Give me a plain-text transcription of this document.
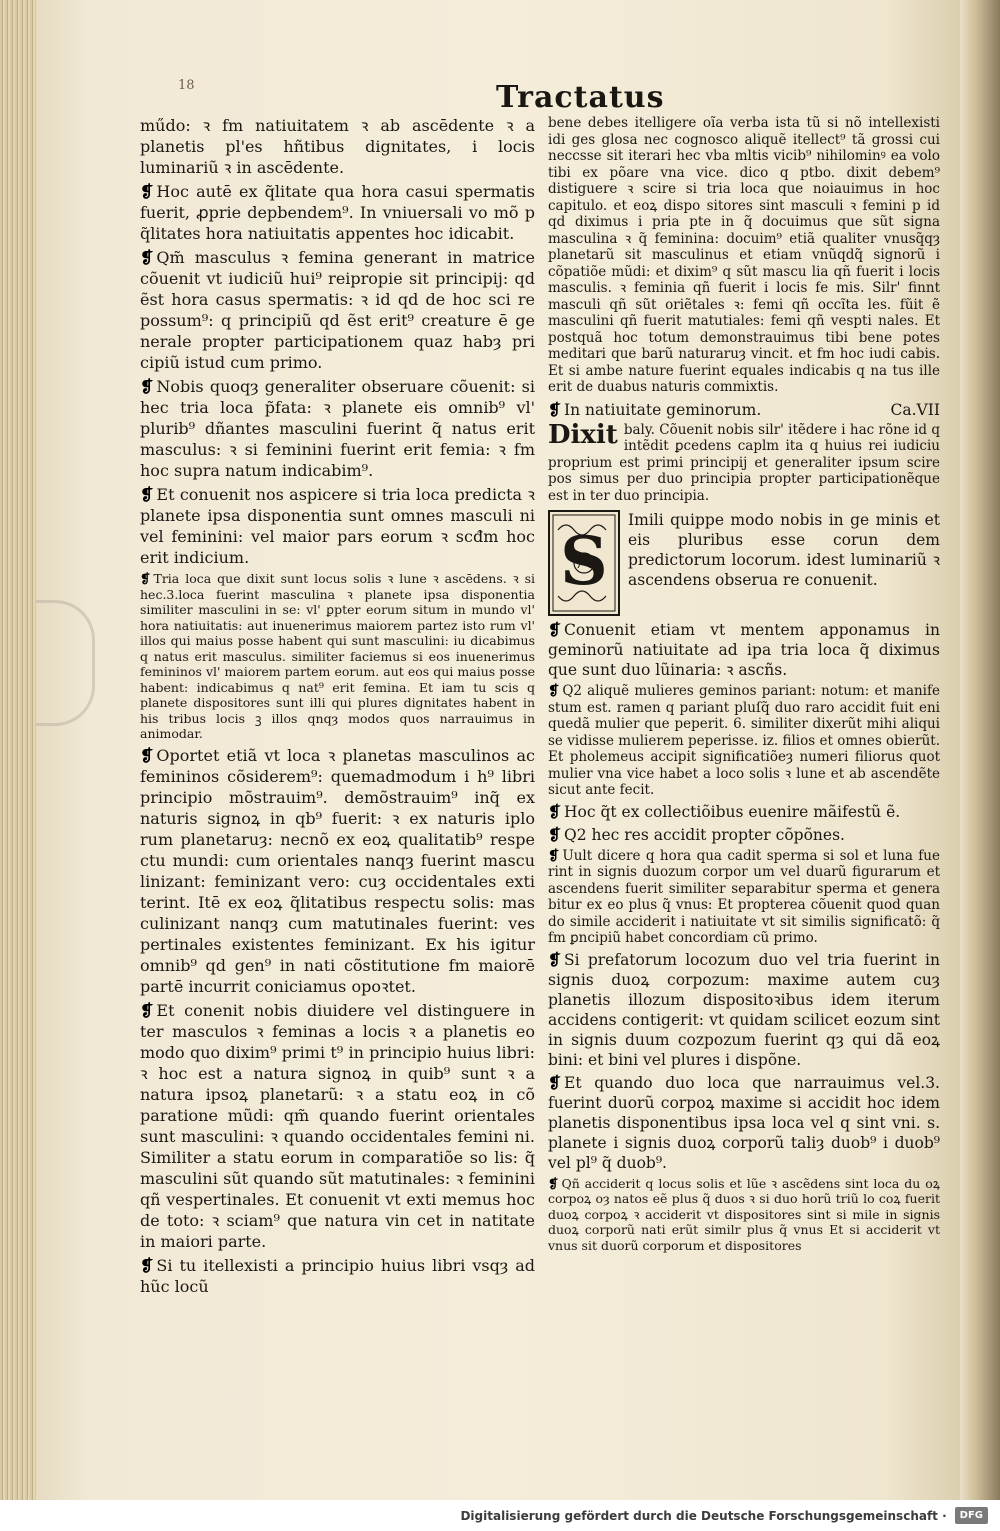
18	Tractatus

műdo: ꝛ fm natiuitatem ꝛ ab ascēdente ꝛ a planetis pl'es hñtibus dignitates, i locis luminariũ ꝛ in ascēdente.

❡ Hoc autē ex q̃litate qua hora casui spermatis fuerit, ꝓprie depbendem⁹. In vniuersali vo mõ p q̃litates hora natiuitatis appentes hoc idicabit.

❡ Qm̃ masculus ꝛ femina generant in matrice cõuenit vt iudiciũ hui⁹ reipropie sit principij: qd ẽst hora casus spermatis: ꝛ id qd de hoc sci re possum⁹: q principiũ qd ẽst erit⁹ creature ē ge nerale propter participationem quaz habȝ pri cipiũ istud cum primo.

❡ Nobis quoqȝ generaliter obseruare cõuenit: si hec tria loca p̃fata: ꝛ planete eis omnib⁹ vl' plurib⁹ dñantes masculini fuerint q̃ natus erit masculus: ꝛ si feminini fuerint erit femia: ꝛ fm hoc supra natum indicabim⁹.

❡ Et conuenit nos aspicere si tria loca predicta ꝛ planete ipsa disponentia sunt omnes masculi ni vel feminini: vel maior pars eorum ꝛ scđm hoc erit indicium.

❡ Tria loca que dixit sunt locus solis ꝛ lune ꝛ ascēdens. ꝛ si hec.3.loca fuerint masculina ꝛ planete ipsa disponentia similiter masculini in se: vl' ꝑpter eorum situm in mundo vl' hora natiuitatis: aut inuenerimus maiorem partez isto rum vl' illos qui maius posse habent qui sunt masculini: iu dicabimus q natus erit masculus. similiter faciemus si eos inuenerimus femininos vl' maiorem partem eorum. aut eos qui maius posse habent: indicabimus q nat⁹ erit femina. Et iam tu scis q planete dispositores sunt illi qui plures dignitates habent in his tribus locis ꝫ illos qnqȝ modos quos narrauimus in animodar.

❡ Oportet etiã vt loca ꝛ planetas masculinos ac femininos cõsiderem⁹: quemadmodum i h⁹ libri principio mõstrauim⁹. demõstrauim⁹ inq̃ ex naturis signoꝝ in qb⁹ fuerit: ꝛ ex naturis iplo rum planetaruȝ: necnõ ex eoꝝ qualitatib⁹ respe ctu mundi: cum orientales nanqȝ fuerint mascu linizant: feminizant vero: cuȝ occidentales exti terint. Itē ex eoꝝ q̃litatibus respectu solis: mas culinizant nanqȝ cum matutinales fuerint: ves pertinales existentes feminizant. Ex his igitur omnib⁹ qd gen⁹ in nati cõstitutione fm maiorē partē incurrit coniciamus opoꝛtet.

❡ Et conenit nobis diuidere vel distinguere in ter masculos ꝛ feminas a locis ꝛ a planetis eo modo quo dixim⁹ primi t⁹ in principio huius libri: ꝛ hoc est a natura signoꝝ in quib⁹ sunt ꝛ a natura ipsoꝝ planetarũ: ꝛ a statu eoꝝ in cõ paratione mũdi: qm̃ quando fuerint orientales sunt masculini: ꝛ quando occidentales femini ni. Similiter a statu eorum in comparatiõe so lis: q̃ masculini sũt quando sũt matutinales: ꝛ feminini qñ vespertinales. Et conuenit vt exti memus hoc de toto: ꝛ sciam⁹ que natura vin cet in natitate in maiori parte.

❡ Si tu itellexisti a principio huius libri vsqȝ ad hũc locũ

bene debes itelligere oĩa verba ista tũ si nõ intellexisti idi ges glosa nec cognosco aliquẽ itellect⁹ tã grossi cui neccsse sit iterari hec vba mltis vicib⁹ nihilominꝰ ea volo tibi ex põare vna vice. dico q ptbo. dixit debem⁹ distiguere ꝛ scire si tria loca que noiauimus in hoc capitulo. et eoꝝ dispo sitores sint masculi ꝛ femini p id qd diximus i pria pte in q̃ docuimus que sũt signa masculina ꝛ q̃ feminina: docuim⁹ etiã qualiter vnusq̃qȝ planetarũ sit masculinus et etiam vnũqdq̃ signorũ i cõpatiõe mũdi: et dixim⁹ q sũt mascu lia qñ fuerit i locis masculis. ꝛ feminia qñ fuerit i locis fe mis. Silr' finnt masculi qñ sũt oriẽtales ꝛ: femi qñ occĩta les. fũit ẽ masculini qñ fuerit matutiales: femi qñ vespti nales. Et postquã hoc totum demonstrauimus tibi bene potes meditari que barũ naturaruȝ vincit. et fm hoc iudi cabis. Et si ambe nature fuerint equales indicabis q na tus ille erit de duabus naturis commixtis.

❡ In natiuitate geminorum.	Ca.VII

Dixit baly. Cõuenit nobis silr' itẽdere i hac rõne id q intẽdit ꝑcedens caplm ita q huius rei iudiciu proprium est primi principij et generaliter ipsum scire pos simus per duo principia propter participationẽque est in ter duo principia.

S
Imili quippe modo nobis in ge minis et eis pluribus esse corun dem predictorum locorum. idest luminariũ ꝛ ascendens obserua re conuenit.

❡ Conuenit etiam vt mentem apponamus in geminorũ natiuitate ad ipa tria loca q̃ diximus que sunt duo lũinaria: ꝛ ascñs.

❡ Q2 aliquẽ mulieres geminos pariant: notum: et manife stum est. ramen q pariant pluſq̃ duo raro accidit fuit eni quedã mulier que peperit. 6. similiter dixerũt mihi aliqui se vidisse mulierem peperisse. iz. filios et omnes obierũt. Et pholemeus accipit significatiõeȝ numeri filiorus quot mulier vna vice habet a loco solis ꝛ lune et ab ascendẽte sicut ante fecit.

❡ Hoc q̃t ex collectiõibus euenire mãifestũ ẽ.

❡ Q2 hec res accidit propter cõpõnes.

❡ Uult dicere q hora qua cadit sperma si sol et luna fue rint in signis duozum corpor um vel duarũ figurarum et ascendens fuerit similiter separabitur sperma et genera bitur ex eo plus q̃ vnus: Et propterea cõuenit quod quan do simile acciderit i natiuitate vt sit similis significatõ: q̃ fm ꝑncipiũ habet concordiam cũ primo.

❡ Si prefatorum locozum duo vel tria fuerint in signis duoꝝ corpozum: maxime autem cuȝ planetis illozum dispositoꝛibus idem iterum accidens contigerit: vt quidam scilicet eozum sint in signis duum cozpozum fuerint qȝ qui dã eoꝝ bini: et bini vel plures i dispõne.

❡ Et quando duo loca que narrauimus vel.3. fuerint duorũ corpoꝝ maxime si accidit hoc idem planetis disponentibus ipsa loca vel q sint vni. s. planete i signis duoꝝ corporũ taliȝ duob⁹ i duob⁹ vel pl⁹ q̃ duob⁹.

❡ Qñ acciderit q locus solis et lũe ꝛ ascẽdens sint loca du oꝝ corpoꝝ oȝ natos eẽ plus q̃ duos ꝛ si duo horũ triũ lo coꝝ fuerit duoꝝ corpoꝝ ꝛ acciderit vt dispositores sint si mile in signis duoꝝ corporũ nati erũt similr plus q̃ vnus Et si acciderit vt vnus sit duorũ corporum et dispositores

Digitalisierung gefördert durch die Deutsche Forschungsgemeinschaft ·	DFG
